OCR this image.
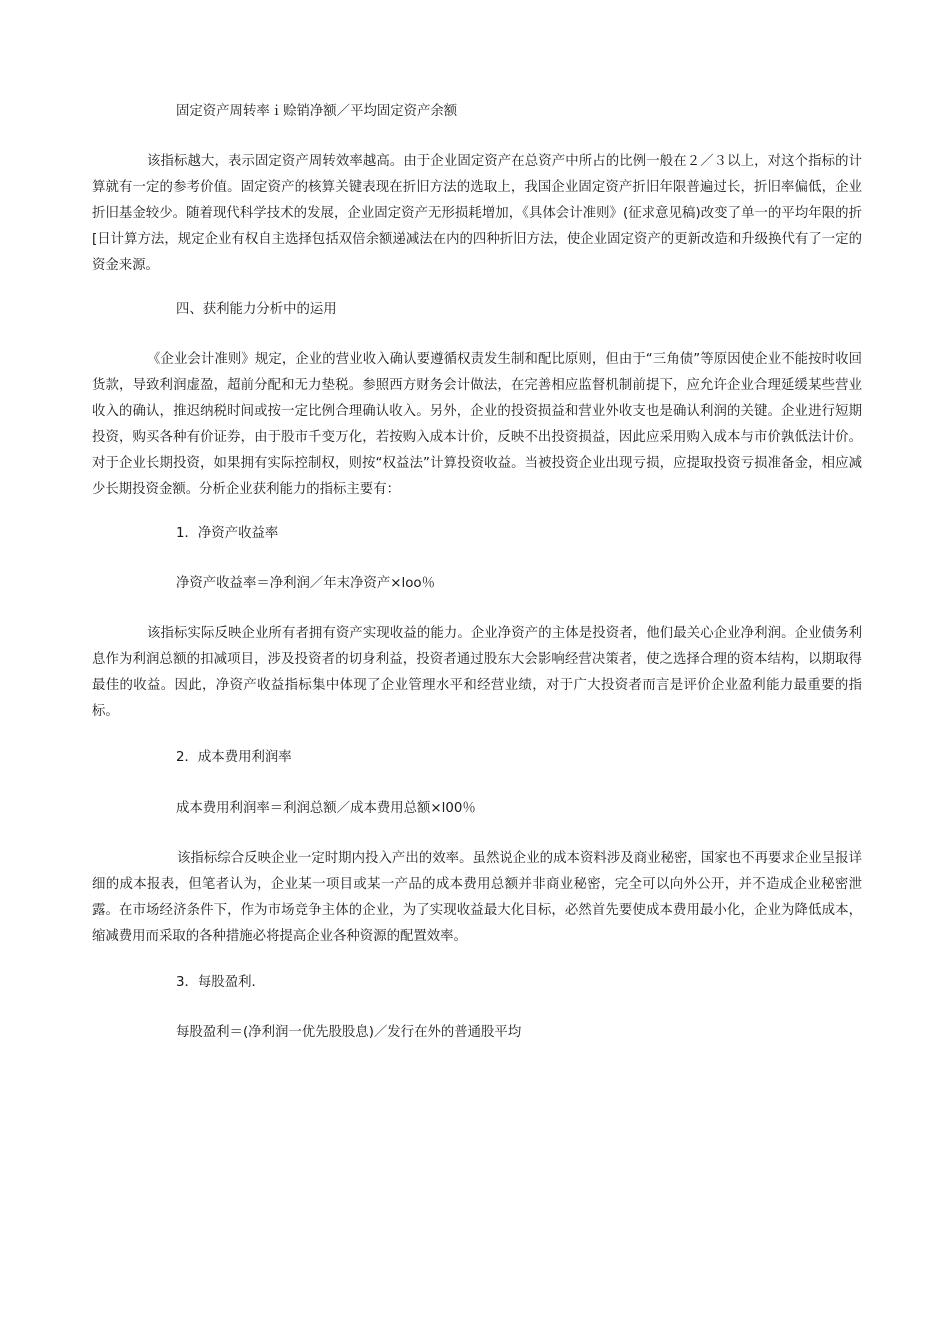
固定资产周转率ｉ赊销净额／平均固定资产余额

该指标越大，表示固定资产周转效率越高。由于企业固定资产在总资产中所占的比例一般在２／３以上，对这个指标的计算就有一定的参考价值。固定资产的核算关键表现在折旧方法的选取上，我国企业固定资产折旧年限普遍过长，折旧率偏低，企业折旧基金较少。随着现代科学技术的发展，企业固定资产无形损耗增加，《具体会计准则》(征求意见稿)改变了单一的平均年限的折[日计算方法，规定企业有权自主选择包括双倍余额递减法在内的四种折旧方法，使企业固定资产的更新改造和升级换代有了一定的资金来源。

四、获利能力分析中的运用

《企业会计准则》规定，企业的营业收入确认要遵循权责发生制和配比原则，但由于“三角债”等原因使企业不能按时收回货款，导致利润虚盈，超前分配和无力垫税。参照西方财务会计做法，在完善相应监督机制前提下，应允许企业合理延缓某些营业收入的确认，推迟纳税时间或按一定比例合理确认收入。另外，企业的投资损益和营业外收支也是确认利润的关键。企业进行短期投资，购买各种有价证券，由于股市千变万化，若按购入成本计价，反映不出投资损益，因此应采用购入成本与市价孰低法计价。对于企业长期投资，如果拥有实际控制权，则按“权益法”计算投资收益。当被投资企业出现亏损，应提取投资亏损准备金，相应减少长期投资金额。分析企业获利能力的指标主要有：

1．净资产收益率

净资产收益率＝净利润／年末净资产×loo％

该指标实际反映企业所有者拥有资产实现收益的能力。企业净资产的主体是投资者，他们最关心企业净利润。企业债务利息作为利润总额的扣减项目，涉及投资者的切身利益，投资者通过股东大会影响经营决策者，使之选择合理的资本结构，以期取得最佳的收益。因此，净资产收益指标集中体现了企业管理水平和经营业绩，对于广大投资者而言是评价企业盈利能力最重要的指标。

2．成本费用利润率

成本费用利润率＝利润总额／成本费用总额×l00％

该指标综合反映企业一定时期内投入产出的效率。虽然说企业的成本资料涉及商业秘密，国家也不再要求企业呈报详细的成本报表，但笔者认为，企业某一项目或某一产品的成本费用总额并非商业秘密，完全可以向外公开，并不造成企业秘密泄露。在市场经济条件下，作为市场竞争主体的企业，为了实现收益最大化目标，必然首先要使成本费用最小化，企业为降低成本，缩减费用而采取的各种措施必将提高企业各种资源的配置效率。

3．每股盈利．

每股盈利＝(净利润一优先股股息)／发行在外的普通股平均
